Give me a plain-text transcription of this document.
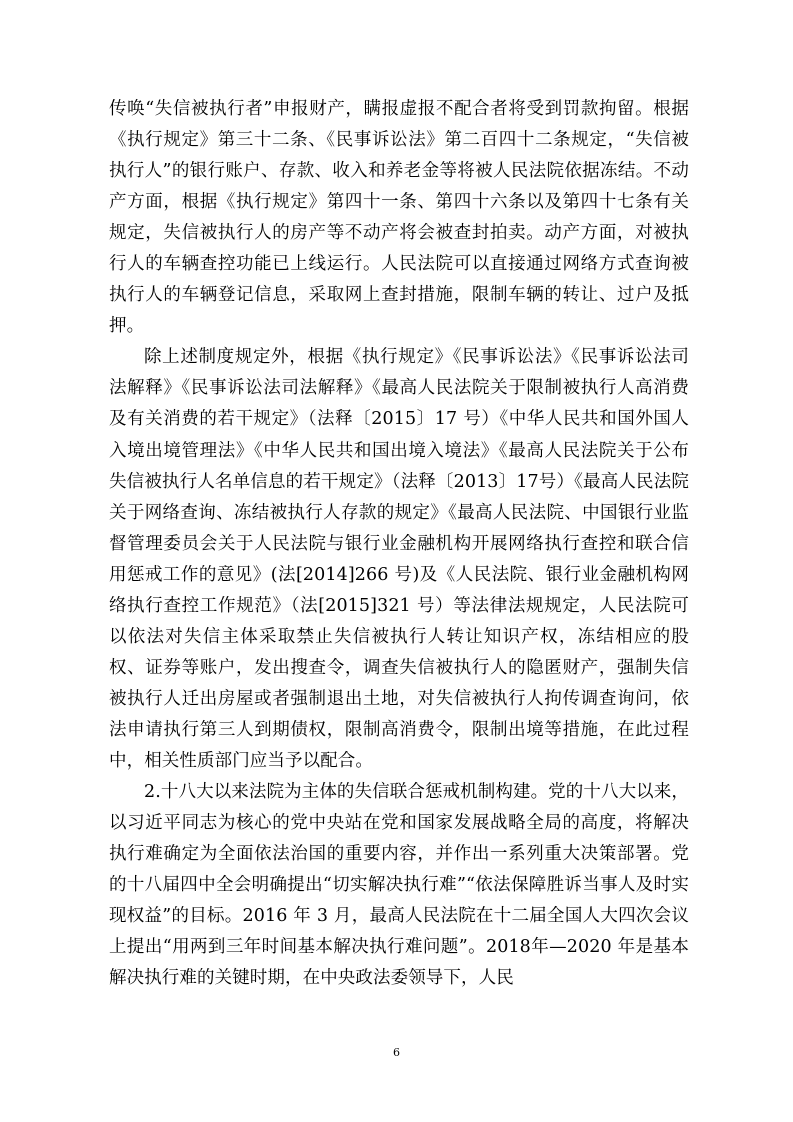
传唤“失信被执行者”申报财产，瞒报虚报不配合者将受到罚款拘留。根据《执行规定》第三十二条、《民事诉讼法》第二百四十二条规定，“失信被执行人”的银行账户、存款、收入和养老金等将被人民法院依据冻结。不动产方面，根据《执行规定》第四十一条、第四十六条以及第四十七条有关规定，失信被执行人的房产等不动产将会被查封拍卖。动产方面，对被执行人的车辆查控功能已上线运行。人民法院可以直接通过网络方式查询被执行人的车辆登记信息，采取网上查封措施，限制车辆的转让、过户及抵押。

除上述制度规定外，根据《执行规定》《民事诉讼法》《民事诉讼法司法解释》《民事诉讼法司法解释》《最高人民法院关于限制被执行人高消费及有关消费的若干规定》（法释〔2015〕17 号）《中华人民共和国外国人入境出境管理法》《中华人民共和国出境入境法》《最高人民法院关于公布失信被执行人名单信息的若干规定》（法释〔2013〕17号）《最高人民法院关于网络查询、冻结被执行人存款的规定》《最高人民法院、中国银行业监督管理委员会关于人民法院与银行业金融机构开展网络执行查控和联合信用惩戒工作的意见》(法[2014]266 号)及《人民法院、银行业金融机构网络执行查控工作规范》（法[2015]321 号）等法律法规规定，人民法院可以依法对失信主体采取禁止失信被执行人转让知识产权，冻结相应的股权、证券等账户，发出搜查令，调查失信被执行人的隐匿财产，强制失信被执行人迁出房屋或者强制退出土地，对失信被执行人拘传调查询问，依法申请执行第三人到期债权，限制高消费令，限制出境等措施，在此过程中，相关性质部门应当予以配合。

2.十八大以来法院为主体的失信联合惩戒机制构建。党的十八大以来，以习近平同志为核心的党中央站在党和国家发展战略全局的高度，将解决执行难确定为全面依法治国的重要内容，并作出一系列重大决策部署。党的十八届四中全会明确提出“切实解决执行难”“依法保障胜诉当事人及时实现权益”的目标。2016 年 3 月，最高人民法院在十二届全国人大四次会议上提出“用两到三年时间基本解决执行难问题”。2018年—2020 年是基本解决执行难的关键时期，在中央政法委领导下，人民

6
